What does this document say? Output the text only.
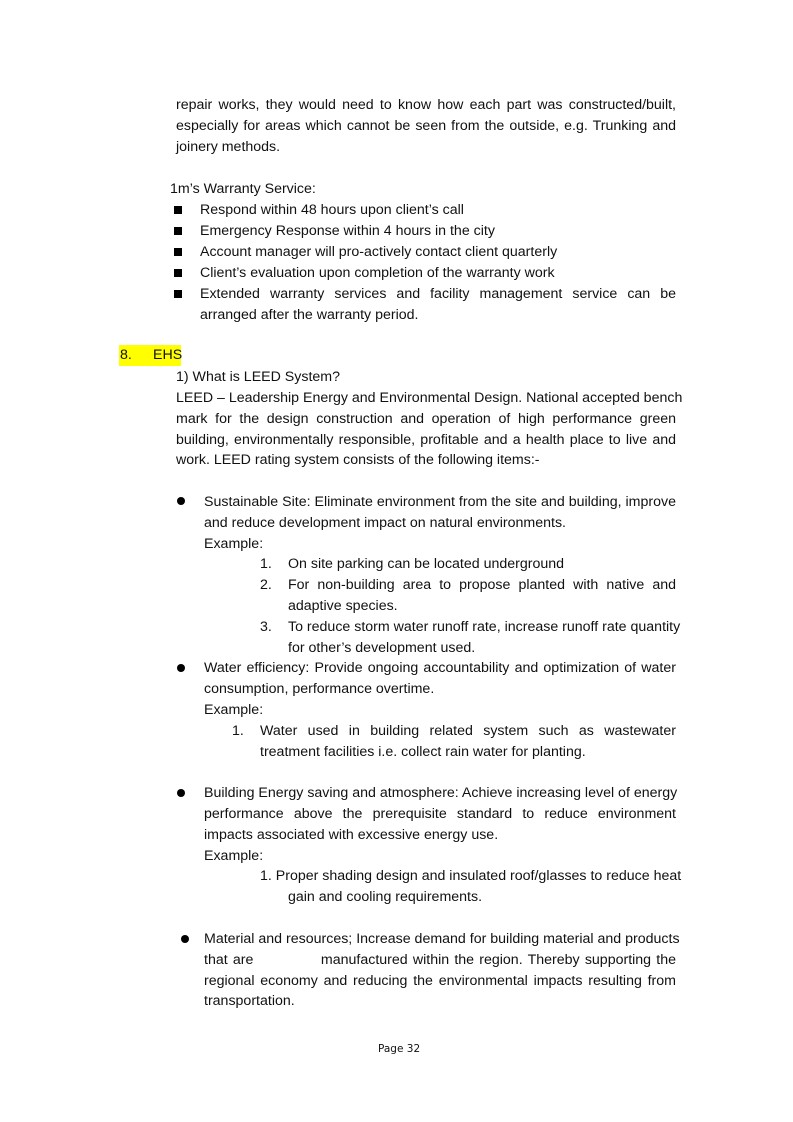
repair works, they would need to know how each part was constructed/built,
especially for areas which cannot be seen from the outside, e.g. Trunking and
joinery methods.
1m’s Warranty Service:
Respond within 48 hours upon client’s call
Emergency Response within 4 hours in the city
Account manager will pro-actively contact client quarterly
Client’s evaluation upon completion of the warranty work
Extended warranty services and facility management service can be
arranged after the warranty period.
8. EHS
1) What is LEED System?
LEED – Leadership Energy and Environmental Design. National accepted bench
mark for the design construction and operation of high performance green
building, environmentally responsible, profitable and a health place to live and
work. LEED rating system consists of the following items:-
Sustainable Site: Eliminate environment from the site and building, improve
and reduce development impact on natural environments.
Example:
1. On site parking can be located underground
2. For non-building area to propose planted with native and
adaptive species.
3. To reduce storm water runoff rate, increase runoff rate quantity
for other’s development used.
Water efficiency: Provide ongoing accountability and optimization of water
consumption, performance overtime.
Example:
1. Water used in building related system such as wastewater
treatment facilities i.e. collect rain water for planting.
Building Energy saving and atmosphere: Achieve increasing level of energy
performance above the prerequisite standard to reduce environment
impacts associated with excessive energy use.
Example:
1. Proper shading design and insulated roof/glasses to reduce heat
gain and cooling requirements.
Material and resources; Increase demand for building material and products
that are             manufactured within the region. Thereby supporting the
regional economy and reducing the environmental impacts resulting from
transportation.
Page 32
